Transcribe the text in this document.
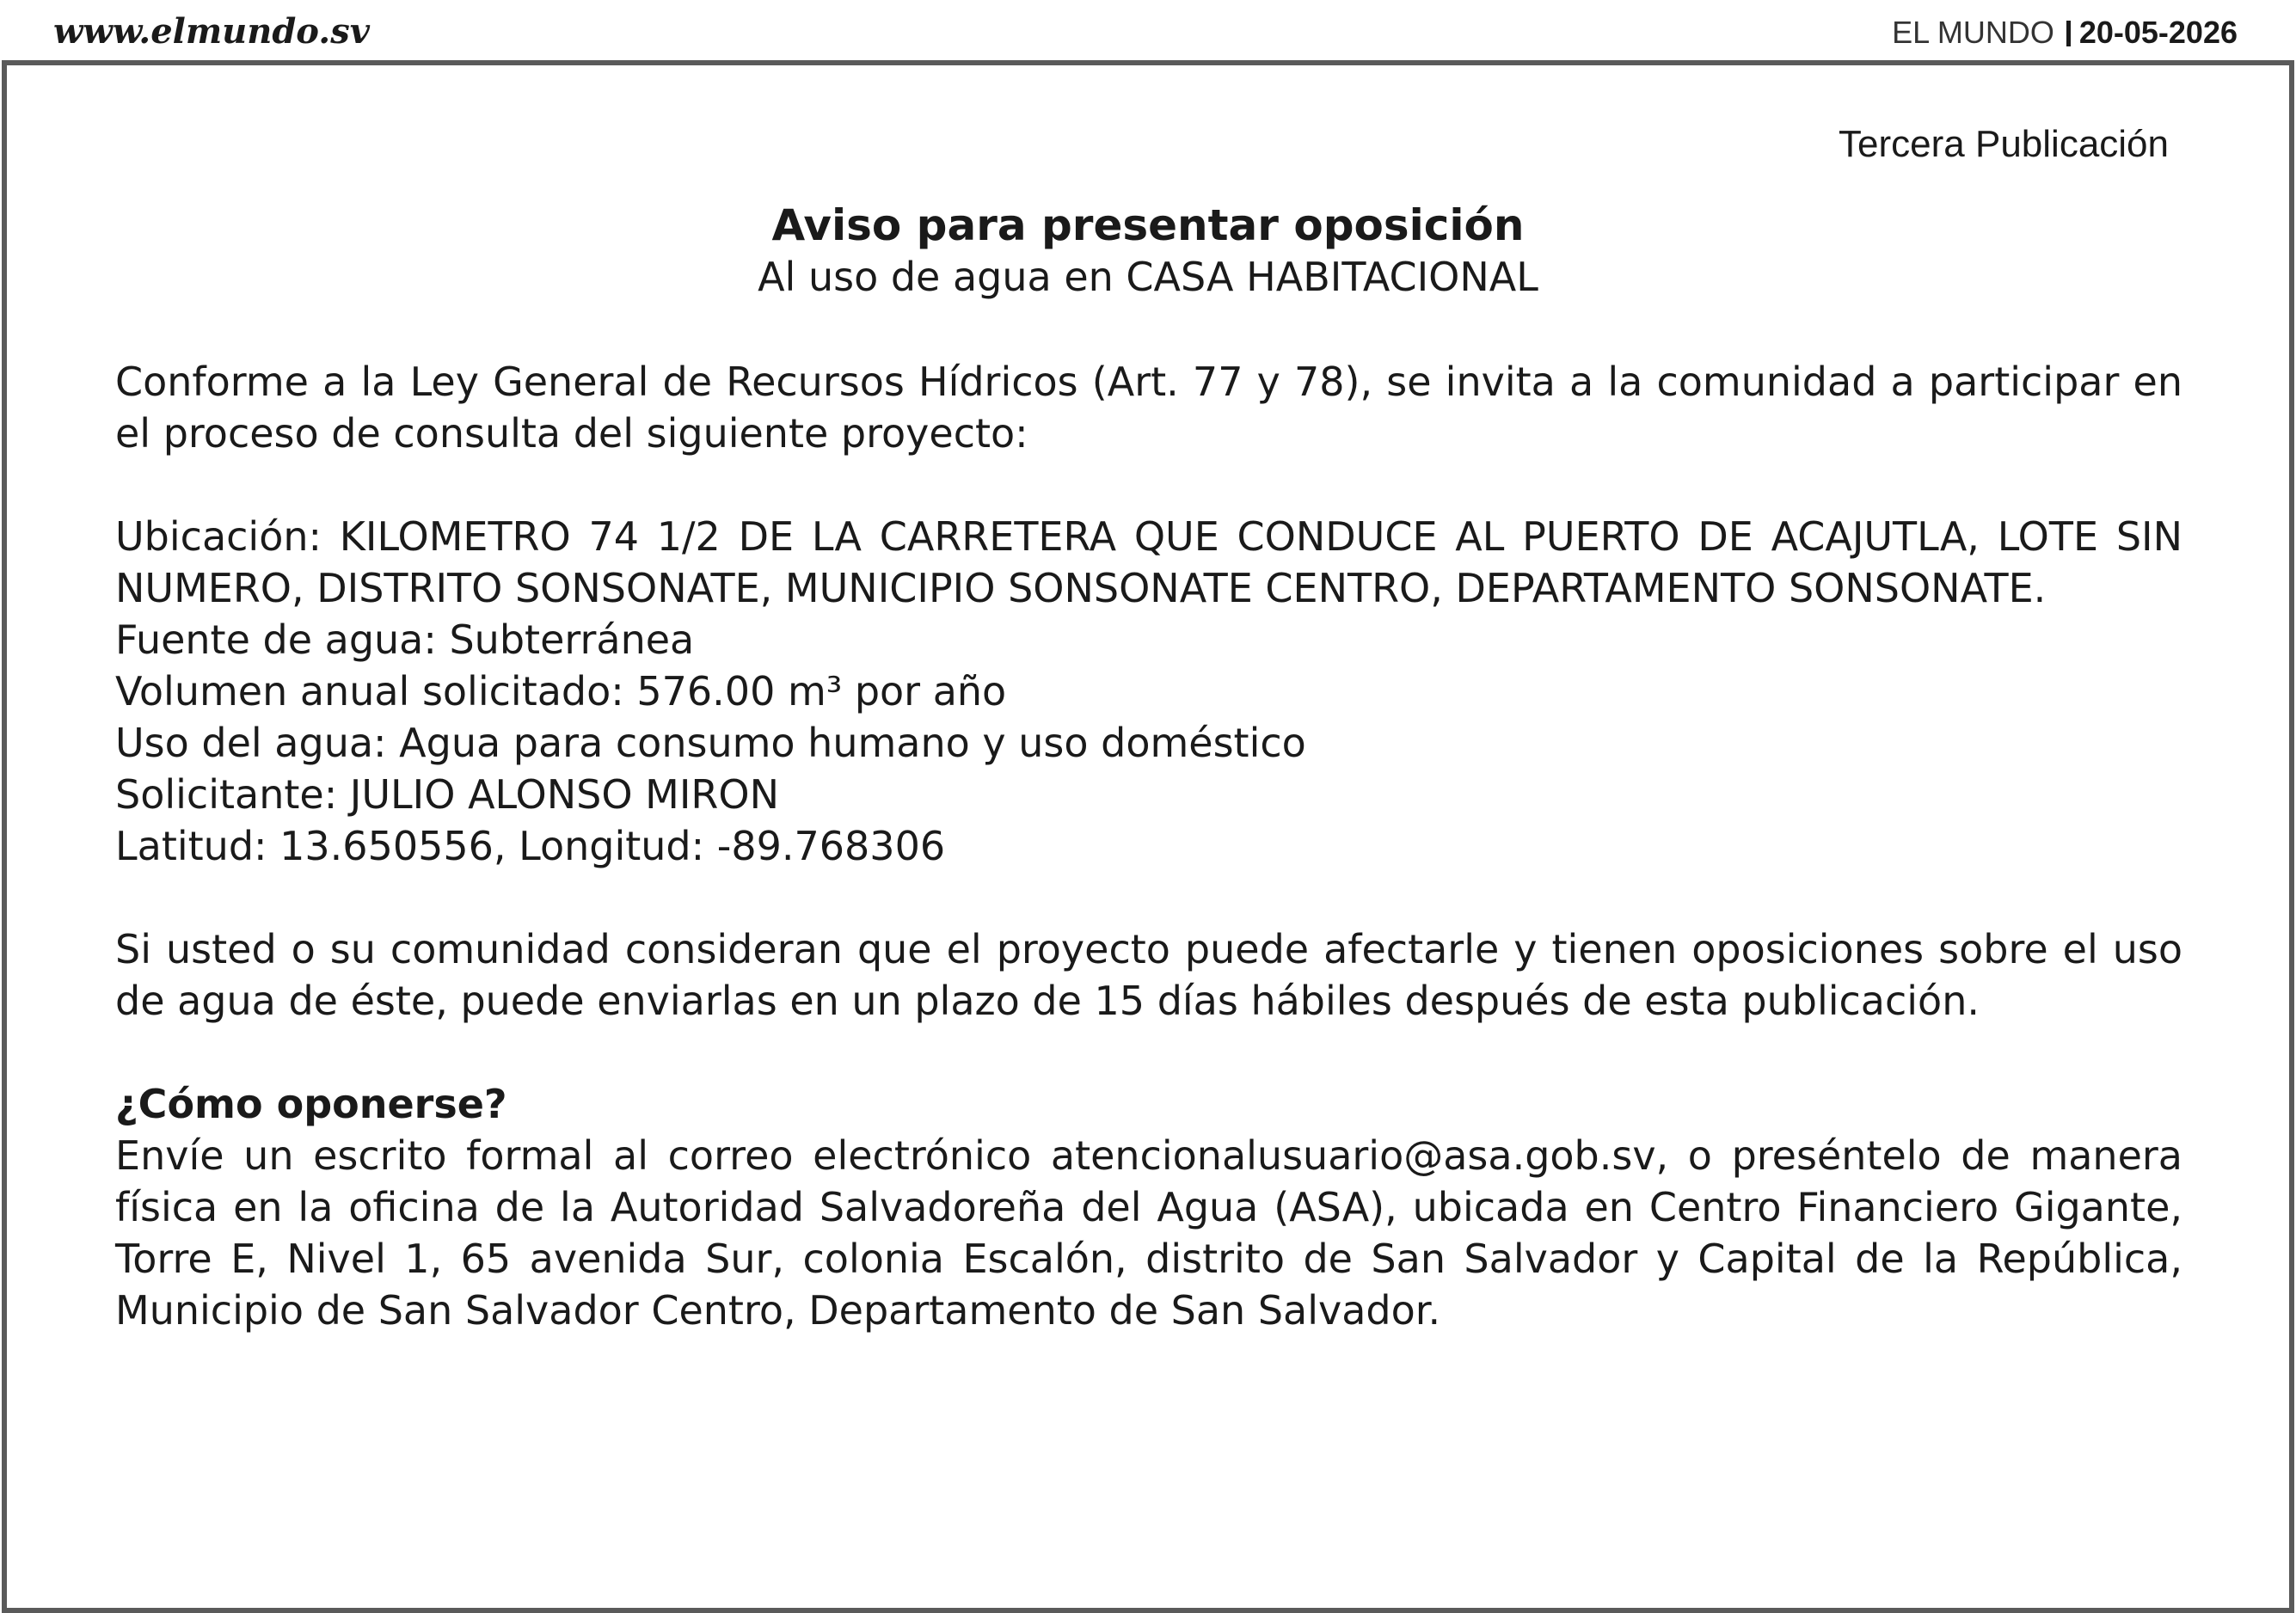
www.elmundo.sv	EL MUNDO 20-05-2026
Tercera Publicación
Aviso para presentar oposición

Al uso de agua en CASA HABITACIONAL

Conforme a la Ley General de Recursos Hídricos (Art. 77 y 78), se invita a la comunidad a participar en el proceso de consulta del siguiente proyecto:

Ubicación: KILOMETRO 74 1/2 DE LA CARRETERA QUE CONDUCE AL PUERTO DE ACAJUTLA, LOTE SIN NUMERO, DISTRITO SONSONATE, MUNICIPIO SONSONATE CENTRO, DEPARTAMENTO SONSONATE.

Fuente de agua: Subterránea

Volumen anual solicitado: 576.00 m³ por año

Uso del agua: Agua para consumo humano y uso doméstico

Solicitante: JULIO ALONSO MIRON

Latitud: 13.650556, Longitud: -89.768306

Si usted o su comunidad consideran que el proyecto puede afectarle y tienen oposiciones sobre el uso de agua de éste, puede enviarlas en un plazo de 15 días hábiles después de esta publicación.

¿Cómo oponerse?

Envíe un escrito formal al correo electrónico atencionalusuario@asa.gob.sv, o preséntelo de manera física en la oficina de la Autoridad Salvadoreña del Agua (ASA), ubicada en Centro Financiero Gigante, Torre E, Nivel 1, 65 avenida Sur, colonia Escalón, distrito de San Salvador y Capital de la República, Municipio de San Salvador Centro, Departamento de San Salvador.
